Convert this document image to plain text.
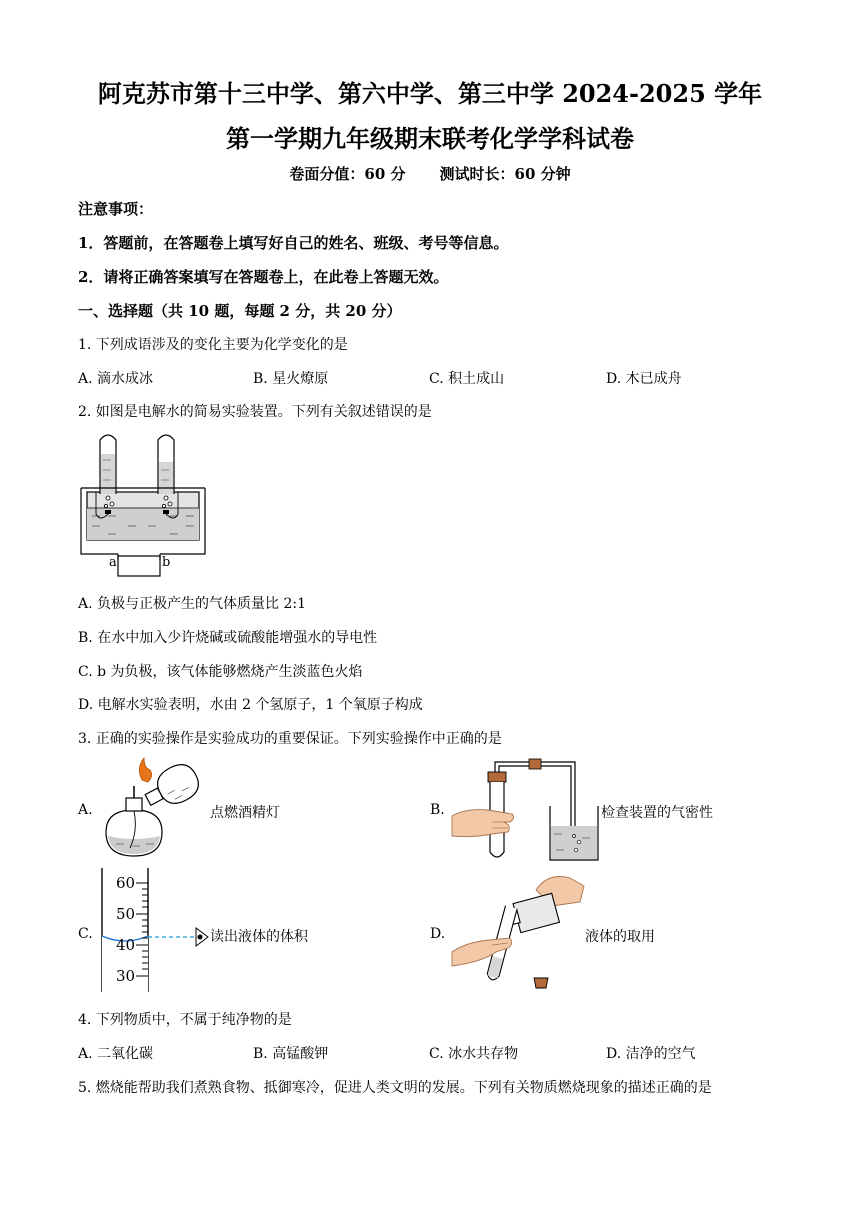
阿克苏市第十三中学、第六中学、第三中学 2024-2025 学年
第一学期九年级期末联考化学学科试卷
卷面分值：60 分 测试时长：60 分钟
注意事项：
1．答题前，在答题卷上填写好自己的姓名、班级、考号等信息。
2．请将正确答案填写在答题卷上，在此卷上答题无效。
一、选择题（共 10 题，每题 2 分，共 20 分）
1. 下列成语涉及的变化主要为化学变化的是
A. 滴水成冰	B. 星火燎原	C. 积土成山	D. 木已成舟
2. 如图是电解水的简易实验装置。下列有关叙述错误的是
a	b
A. 负极与正极产生的气体质量比 2:1
B. 在水中加入少许烧碱或硫酸能增强水的导电性
C. b 为负极，该气体能够燃烧产生淡蓝色火焰
D. 电解水实验表明，水由 2 个氢原子，1 个氧原子构成
3. 正确的实验操作是实验成功的重要保证。下列实验操作中正确的是
A.	点燃酒精灯	B.	检查装置的气密性
C.
60
50
40
30
读出液体的体积	D.	液体的取用
4. 下列物质中，不属于纯净物的是
A. 二氧化碳	B. 高锰酸钾	C. 冰水共存物	D. 洁净的空气
5. 燃烧能帮助我们煮熟食物、抵御寒冷，促进人类文明的发展。下列有关物质燃烧现象的描述正确的是
